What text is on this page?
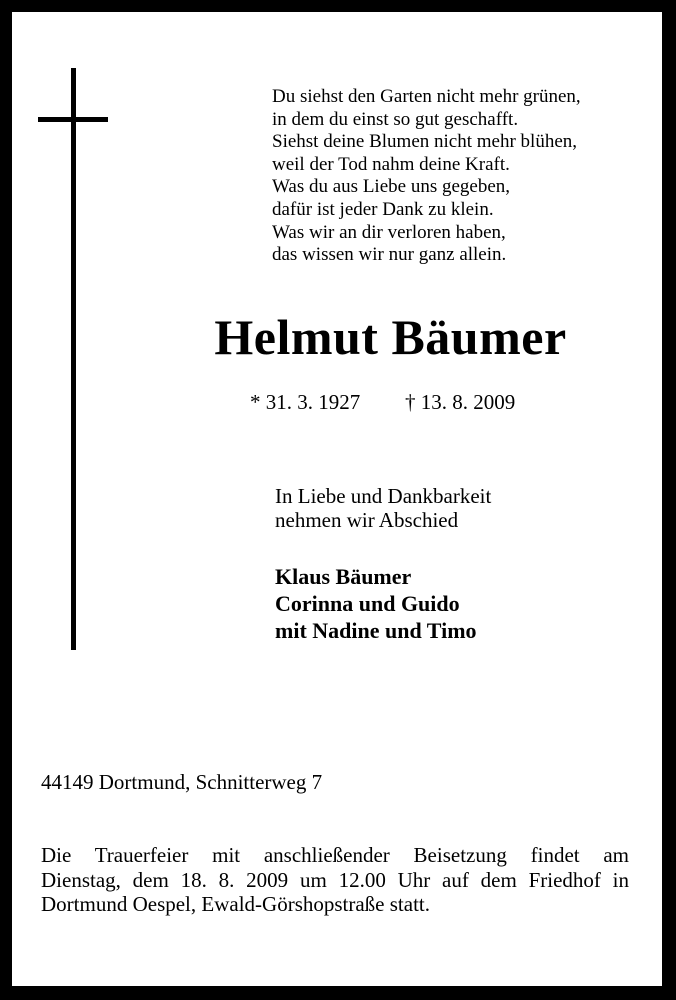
Du siehst den Garten nicht mehr grünen,
in dem du einst so gut geschafft.
Siehst deine Blumen nicht mehr blühen,
weil der Tod nahm deine Kraft.
Was du aus Liebe uns gegeben,
dafür ist jeder Dank zu klein.
Was wir an dir verloren haben,
das wissen wir nur ganz allein.
Helmut Bäumer
* 31. 3. 1927 † 13. 8. 2009
In Liebe und Dankbarkeit
nehmen wir Abschied
Klaus Bäumer
Corinna und Guido
mit Nadine und Timo
44149 Dortmund, Schnitterweg 7
Die Trauerfeier mit anschließender Beisetzung findet am
Dienstag, dem 18. 8. 2009 um 12.00 Uhr auf dem Friedhof in
Dortmund Oespel, Ewald-Görshopstraße statt.
